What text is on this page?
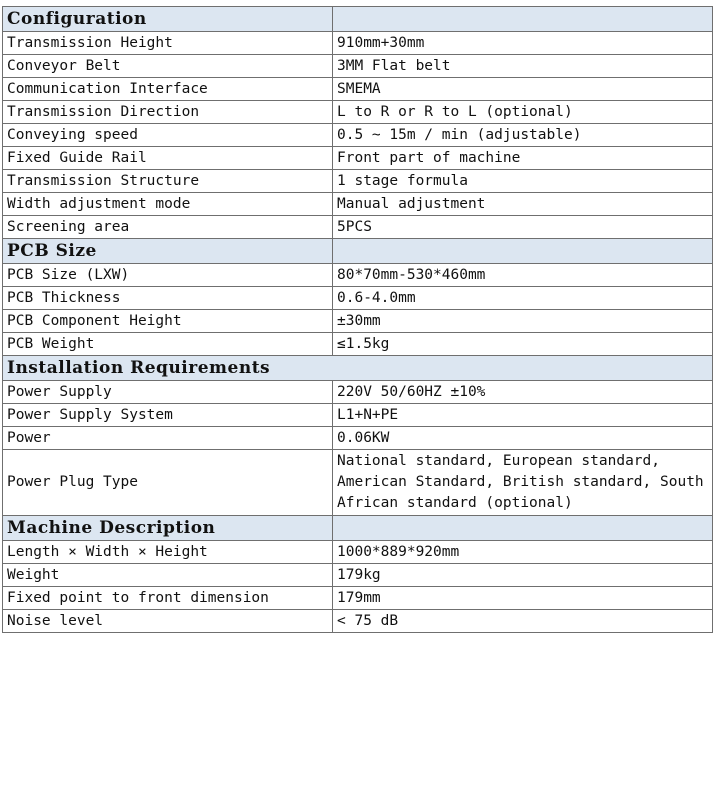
Configuration	
Transmission Height	910mm+30mm
Conveyor Belt	3MM Flat belt
Communication Interface	SMEMA
Transmission Direction	L to R or R to L (optional)
Conveying speed	0.5 ~ 15m / min (adjustable)
Fixed Guide Rail	Front part of machine
Transmission Structure	1 stage formula
Width adjustment mode	Manual adjustment
Screening area	5PCS
PCB Size	
PCB Size (LXW)	80*70mm-530*460mm
PCB Thickness	0.6-4.0mm
PCB Component Height	±30mm
PCB Weight	≤1.5kg
Installation Requirements	
Power Supply	220V 50/60HZ ±10%
Power Supply System	L1+N+PE
Power	0.06KW
Power Plug Type	National standard, European standard, American Standard, British standard, South African standard (optional)
Machine Description	
Length × Width × Height	1000*889*920mm
Weight	179kg
Fixed point to front dimension	179mm
Noise level	< 75 dB
